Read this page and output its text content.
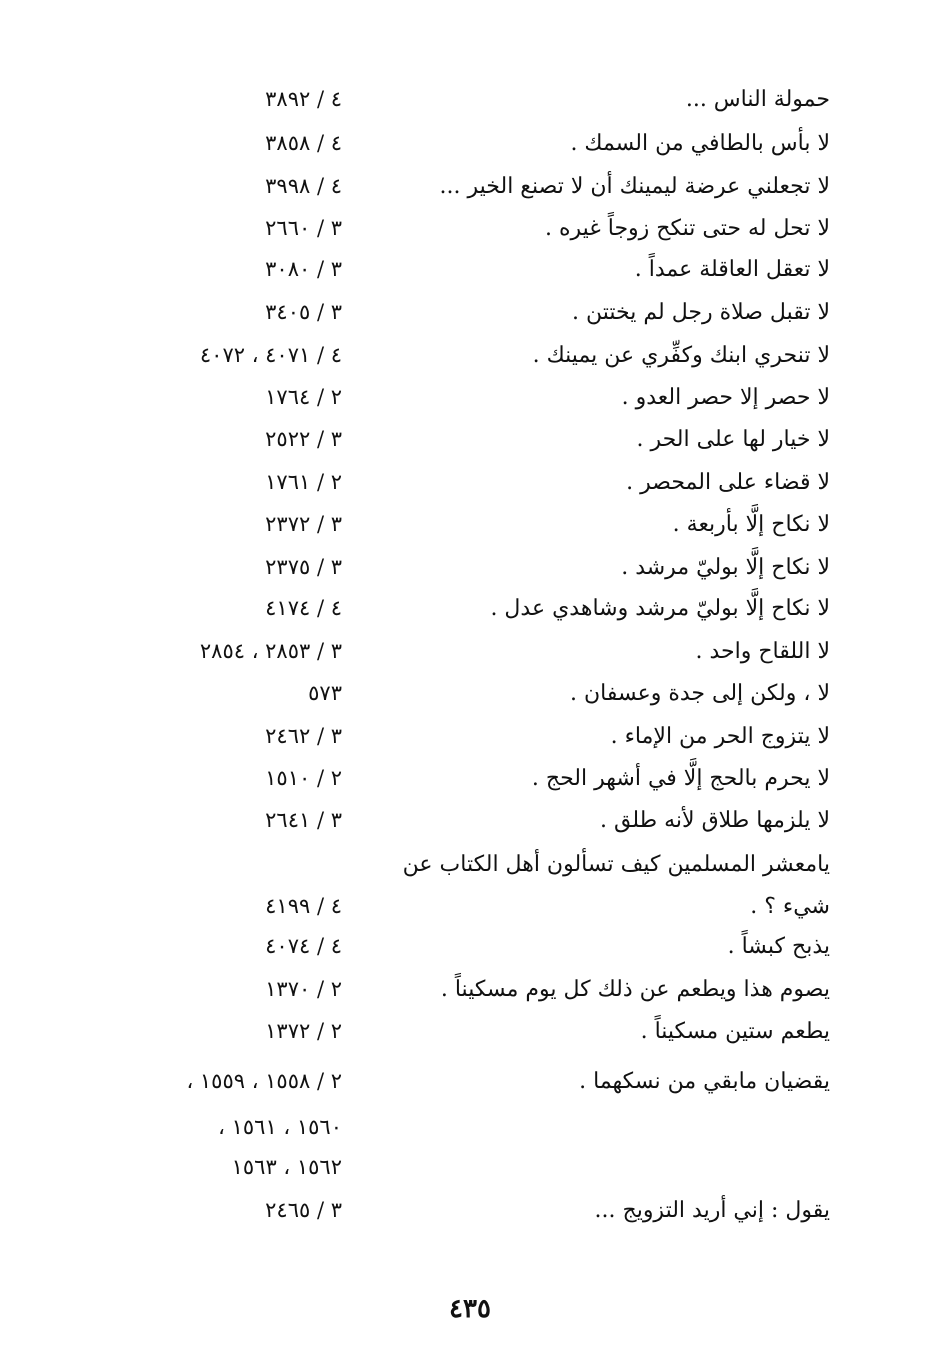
حمولة الناس ...
٤ / ٣٨٩٢
لا بأس بالطافي من السمك .
٤ / ٣٨٥٨
لا تجعلني عرضة ليمينك أن لا تصنع الخير ...
٤ / ٣٩٩٨
لا تحل له حتى تنكح زوجاً غيره .
٣ / ٢٦٦٠
لا تعقل العاقلة عمداً .
٣ / ٣٠٨٠
لا تقبل صلاة رجل لم يختتن .
٣ / ٣٤٠٥
لا تنحري ابنك وكفِّري عن يمينك .
٤ / ٤٠٧١ ، ٤٠٧٢
لا حصر إلا حصر العدو .
٢ / ١٧٦٤
لا خيار لها على الحر .
٣ / ٢٥٢٢
لا قضاء على المحصر .
٢ / ١٧٦١
لا نكاح إلَّا بأربعة .
٣ / ٢٣٧٢
لا نكاح إلَّا بوليّ مرشد .
٣ / ٢٣٧٥
لا نكاح إلَّا بوليّ مرشد وشاهدي عدل .
٤ / ٤١٧٤
لا اللقاح واحد .
٣ / ٢٨٥٣ ، ٢٨٥٤
لا ، ولكن إلى جدة وعسفان .
٥٧٣
لا يتزوج الحر من الإماء .
٣ / ٢٤٦٢
لا يحرم بالحج إلَّا في أشهر الحج .
٢ / ١٥١٠
لا يلزمها طلاق لأنه طلق .
٣ / ٢٦٤١
يامعشر المسلمين كيف تسألون أهل الكتاب عن
شيء ؟ .
٤ / ٤١٩٩
يذبح كبشاً .
٤ / ٤٠٧٤
يصوم هذا ويطعم عن ذلك كل يوم مسكيناً .
٢ / ١٣٧٠
يطعم ستين مسكيناً .
٢ / ١٣٧٢
يقضيان مابقي من نسكهما .
٢ / ١٥٥٨ ، ١٥٥٩ ،
١٥٦٠ ، ١٥٦١ ،
١٥٦٢ ، ١٥٦٣
يقول : إني أريد التزويج ...
٣ / ٢٤٦٥
٤٣٥
